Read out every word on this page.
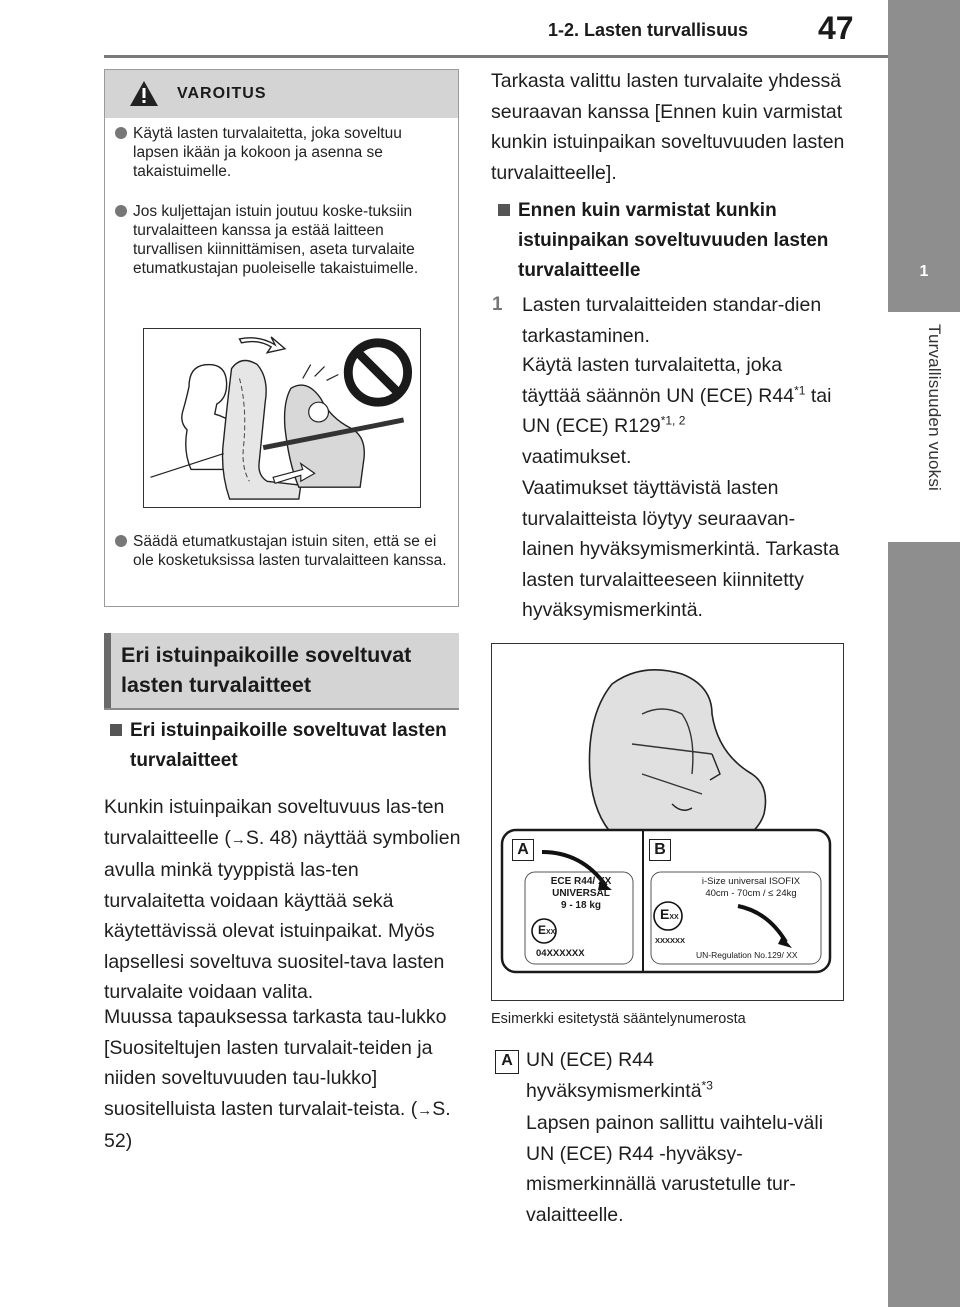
1-2. Lasten turvallisuus 47
1
Turvallisuuden vuoksi
VAROITUS
Käytä lasten turvalaitetta, joka soveltuu lapsen ikään ja kokoon ja asenna se takaistuimelle.
Jos kuljettajan istuin joutuu koske-tuksiin turvalaitteen kanssa ja estää laitteen turvallisen kiinnittämisen, aseta turvalaite etumatkustajan puoleiselle takaistuimelle.
Säädä etumatkustajan istuin siten, että se ei ole kosketuksissa lasten turvalaitteen kanssa.
Eri istuinpaikoille soveltuvat lasten turvalaitteet
Eri istuinpaikoille soveltuvat lasten turvalaitteet
Kunkin istuinpaikan soveltuvuus las-ten turvalaitteelle (→S. 48) näyttää symbolien avulla minkä tyyppistä las-ten turvalaitetta voidaan käyttää sekä käytettävissä olevat istuinpaikat. Myös lapsellesi soveltuva suositel-tava lasten turvalaite voidaan valita.
Muussa tapauksessa tarkasta tau-lukko [Suositeltujen lasten turvalait-teiden ja niiden soveltuvuuden tau-lukko] suositelluista lasten turvalait-teista. (→S. 52)
Tarkasta valittu lasten turvalaite yhdessä seuraavan kanssa [Ennen kuin varmistat kunkin istuinpaikan soveltuvuuden lasten turvalaitteelle].
Ennen kuin varmistat kunkin istuinpaikan soveltuvuuden lasten turvalaitteelle
1 Lasten turvalaitteiden standar-dien tarkastaminen.
Käytä lasten turvalaitetta, joka täyttää säännön UN (ECE) R44$^{*1}$ tai UN (ECE) R129$^{*1, 2}$
vaatimukset.
Vaatimukset täyttävistä lasten turvalaitteista löytyy seuraavan-lainen hyväksymismerkintä. Tarkasta lasten turvalaitteeseen kiinnitetty hyväksymismerkintä.
A	B
ECE R44/ XX
UNIVERSAL
9 - 18 kg
EXX
04XXXXXX
i-Size universal ISOFIX
40cm - 70cm / ≤ 24kg
EXX
XXXXXX
UN-Regulation No.129/ XX
Esimerkki esitetystä sääntelynumerosta
A UN (ECE) R44
hyväksymismerkintä$^{*3}$
Lapsen painon sallittu vaihtelu-väli UN (ECE) R44 -hyväksy-mismerkinnällä varustetulle tur-valaitteelle.
